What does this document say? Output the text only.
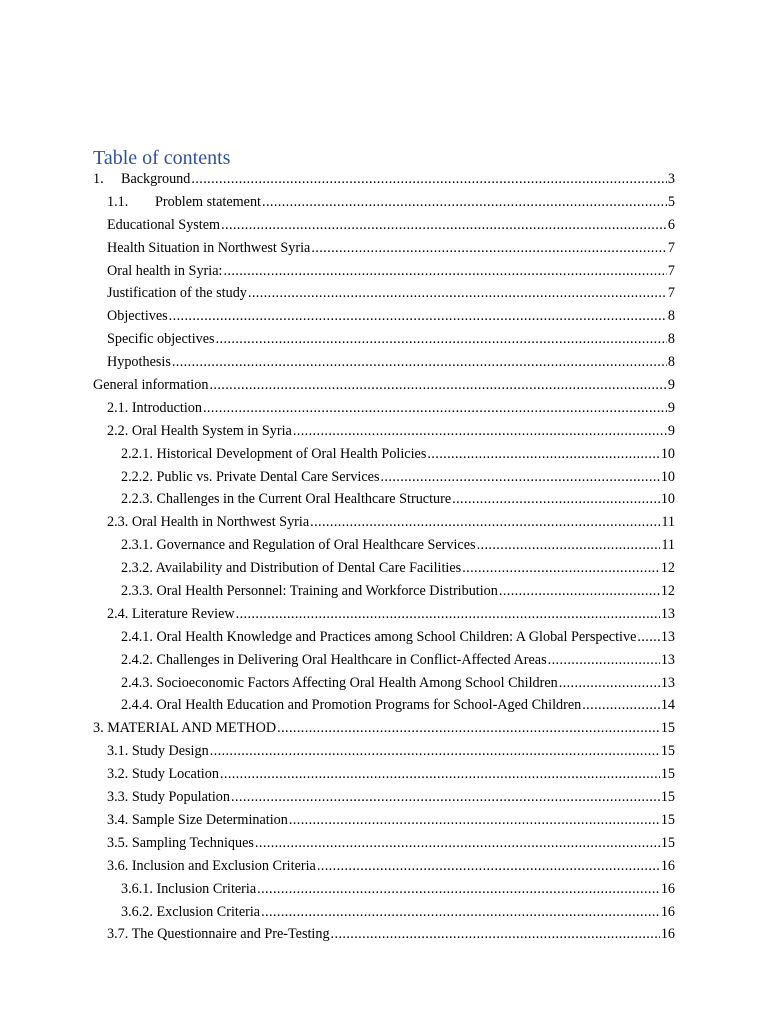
Table of contents
1.	Background .....	3
1.1.	Problem statement .....	5
Educational System .....	6
Health Situation in Northwest Syria .....	7
Oral health in Syria: .....	7
Justification of the study .....	7
Objectives .....	8
Specific objectives .....	8
Hypothesis .....	8
General information .....	9
2.1. Introduction .....	9
2.2. Oral Health System in Syria .....	9
2.2.1. Historical Development of Oral Health Policies .....	10
2.2.2. Public vs. Private Dental Care Services .....	10
2.2.3. Challenges in the Current Oral Healthcare Structure .....	10
2.3. Oral Health in Northwest Syria .....	11
2.3.1. Governance and Regulation of Oral Healthcare Services .....	11
2.3.2. Availability and Distribution of Dental Care Facilities .....	12
2.3.3. Oral Health Personnel: Training and Workforce Distribution .....	12
2.4. Literature Review .....	13
2.4.1. Oral Health Knowledge and Practices among School Children: A Global Perspective ..... 13
2.4.2. Challenges in Delivering Oral Healthcare in Conflict-Affected Areas .....	13
2.4.3. Socioeconomic Factors Affecting Oral Health Among School Children .....	13
2.4.4. Oral Health Education and Promotion Programs for School-Aged Children .....	14
3. MATERIAL AND METHOD .....	15
3.1. Study Design .....	15
3.2. Study Location .....	15
3.3. Study Population .....	15
3.4. Sample Size Determination .....	15
3.5. Sampling Techniques .....	15
3.6. Inclusion and Exclusion Criteria .....	16
3.6.1. Inclusion Criteria .....	16
3.6.2. Exclusion Criteria .....	16
3.7. The Questionnaire and Pre-Testing .....	16
